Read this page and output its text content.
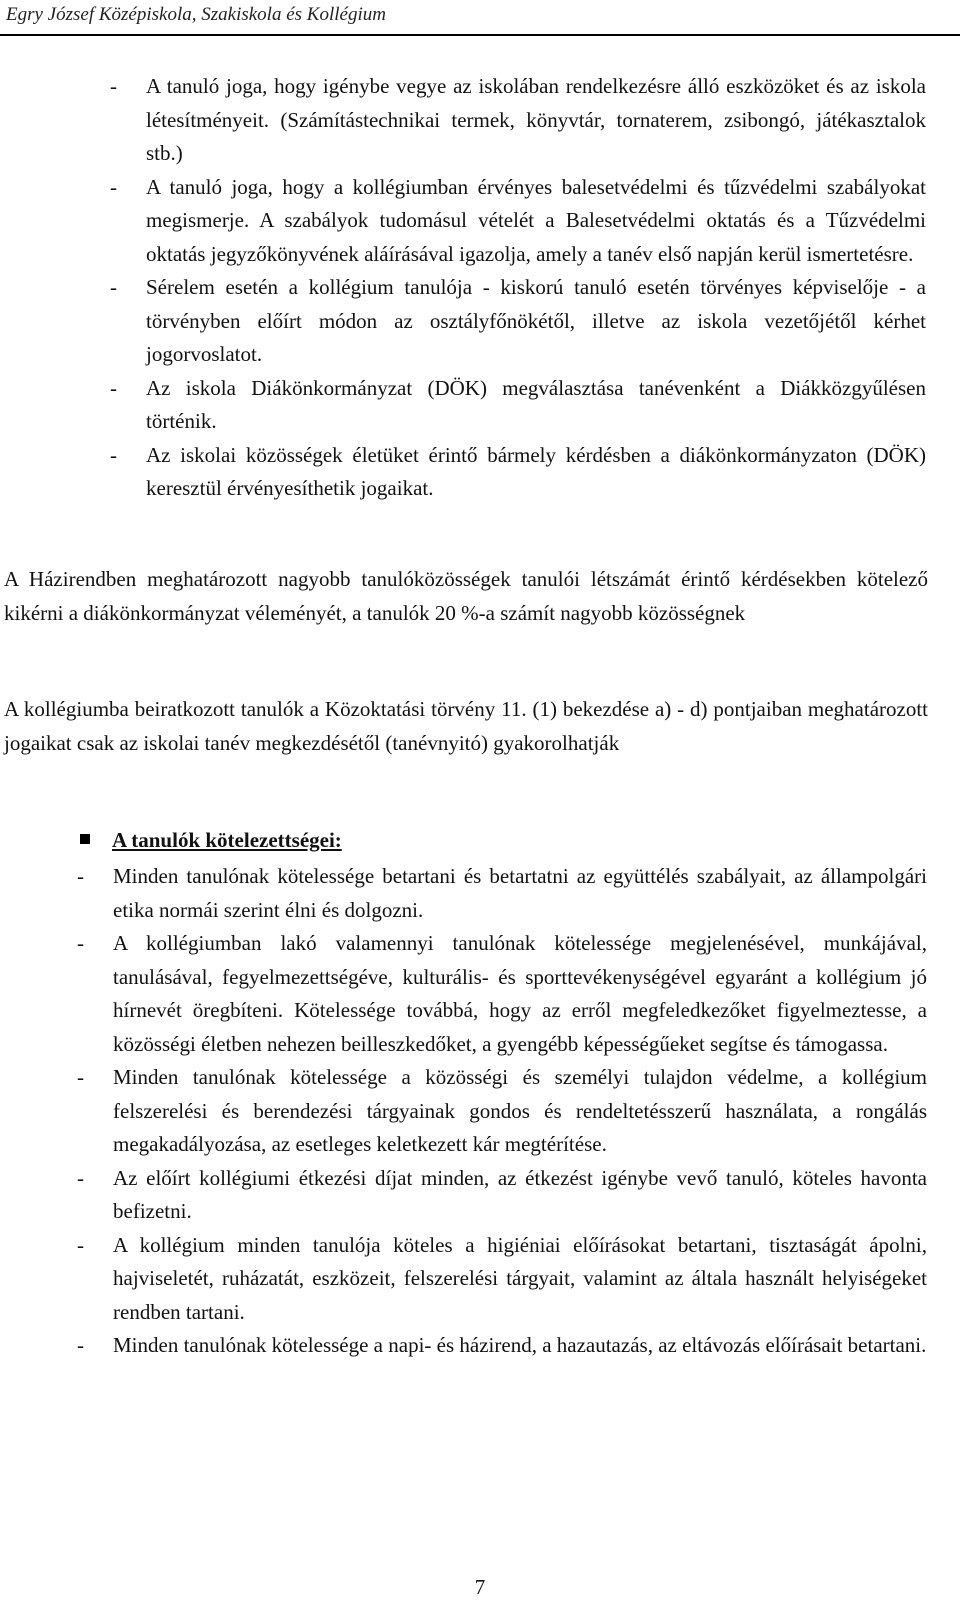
Egry József Középiskola, Szakiskola és Kollégium
- A tanuló joga, hogy igénybe vegye az iskolában rendelkezésre álló eszközöket és az iskola létesítményeit. (Számítástechnikai termek, könyvtár, tornaterem, zsibongó, játékasztalok stb.)
- A tanuló joga, hogy a kollégiumban érvényes balesetvédelmi és tűzvédelmi szabályokat megismerje. A szabályok tudomásul vételét a Balesetvédelmi oktatás és a Tűzvédelmi oktatás jegyzőkönyvének aláírásával igazolja, amely a tanév első napján kerül ismertetésre.
- Sérelem esetén a kollégium tanulója - kiskorú tanuló esetén törvényes képviselője - a törvényben előírt módon az osztályfőnökétől, illetve az iskola vezetőjétől kérhet jogorvoslatot.
- Az iskola Diákönkormányzat (DÖK) megválasztása tanévenként a Diákközgyűlésen történik.
- Az iskolai közösségek életüket érintő bármely kérdésben a diákönkormányzaton (DÖK) keresztül érvényesíthetik jogaikat.

A Házirendben meghatározott nagyobb tanulóközösségek tanulói létszámát érintő kérdésekben kötelező kikérni a diákönkormányzat véleményét, a tanulók 20 %-a számít nagyobb közösségnek

A kollégiumba beiratkozott tanulók a Közoktatási törvény 11. (1) bekezdése a) - d) pontjaiban meghatározott jogaikat csak az iskolai tanév megkezdésétől (tanévnyitó) gyakorolhatják

A tanulók kötelezettségei:
- Minden tanulónak kötelessége betartani és betartatni az együttélés szabályait, az állampolgári etika normái szerint élni és dolgozni.
- A kollégiumban lakó valamennyi tanulónak kötelessége megjelenésével, munkájával, tanulásával, fegyelmezettségéve, kulturális- és sporttevékenységével egyaránt a kollégium jó hírnevét öregbíteni. Kötelessége továbbá, hogy az erről megfeledkezőket figyelmeztesse, a közösségi életben nehezen beilleszkedőket, a gyengébb képességűeket segítse és támogassa.
- Minden tanulónak kötelessége a közösségi és személyi tulajdon védelme, a kollégium felszerelési és berendezési tárgyainak gondos és rendeltetésszerű használata, a rongálás megakadályozása, az esetleges keletkezett kár megtérítése.
- Az előírt kollégiumi étkezési díjat minden, az étkezést igénybe vevő tanuló, köteles havonta befizetni.
- A kollégium minden tanulója köteles a higiéniai előírásokat betartani, tisztaságát ápolni, hajviseletét, ruházatát, eszközeit, felszerelési tárgyait, valamint az általa használt helyiségeket rendben tartani.
- Minden tanulónak kötelessége a napi- és házirend, a hazautazás, az eltávozás előírásait betartani.
7
